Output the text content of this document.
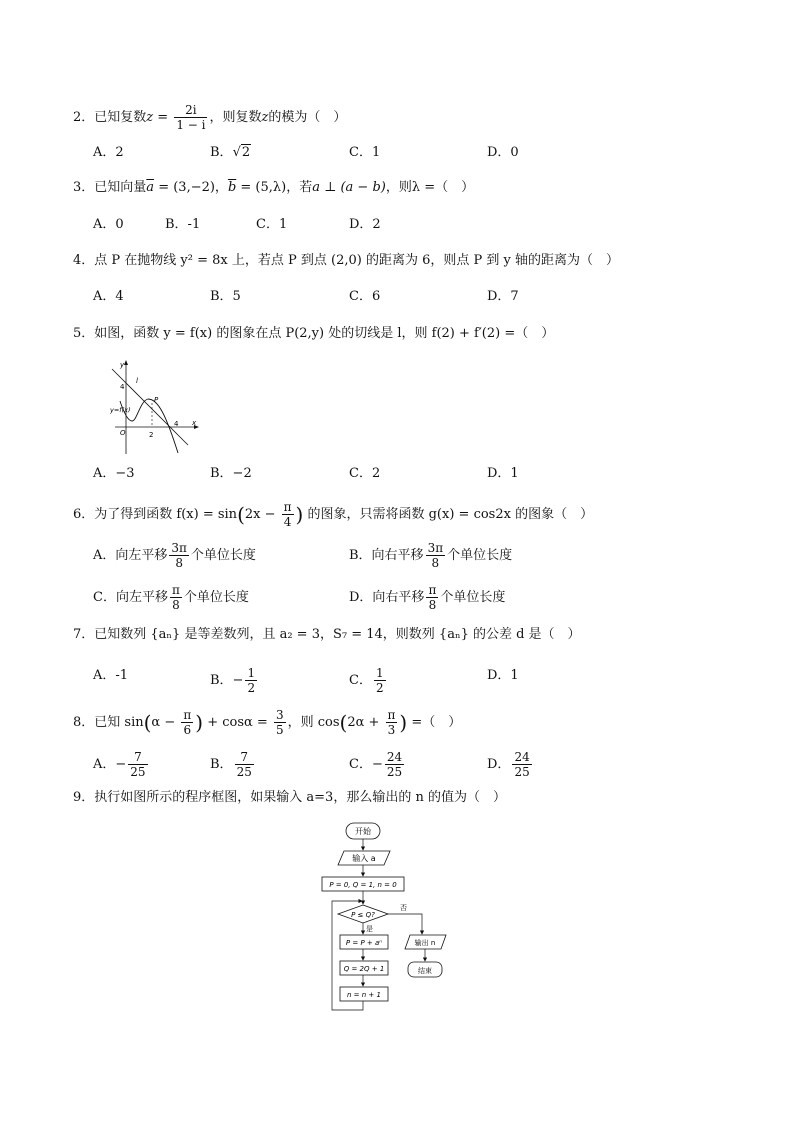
2．已知复数$z = \frac{2i}{1 - i}$ ，则复数z的模为（　）
A．2	B．√2	C．1	D．0
3．已知向量$\overline{a} = (3,-2)$，$\overline{b} = (5,\lambda)$，若a ⊥ (a − b)，则λ =（　）
A．0	B．-1	C．1	D．2
4．点 P 在抛物线 y² = 8x 上，若点 P 到点 (2,0) 的距离为 6，则点 P 到 y 轴的距离为（　）
A．4	B．5	C．6	D．7
5．如图，函数 y = f(x) 的图象在点 P(2,y) 处的切线是 l，则 f(2) + f′(2) =（　）
y
x
O
4
2
4
l
P
y=f(x)
A．−3	B．−2	C．2	D．1
6．为了得到函数 $f(x) = \sin(2x - \frac{\pi}{4}$ ) 的图象，只需将函数 g(x) = cos2x 的图象（　）
A．向左平移 $\frac{3\pi}{8}$ 个单位长度	B．向右平移 $\frac{3\pi}{8}$ 个单位长度
C．向左平移 $\frac{\pi}{8}$ 个单位长度	D．向右平移 $\frac{\pi}{8}$ 个单位长度
7．已知数列 {aₙ} 是等差数列，且 a₂ = 3，S₇ = 14，则数列 {aₙ} 的公差 d 是（　）
A．-1	B．− $\frac{1}{2}$	C． $\frac{1}{2}$	D．1
8．已知 $\sin(\alpha - \frac{\pi}{6}$ ) + $\cos\alpha = \frac{3}{5}$ ，则 $\cos(2\alpha + \frac{\pi}{3}$ ) =（　）
A．− $\frac{7}{25}$	B． $\frac{7}{25}$	C．− $\frac{24}{25}$	D． $\frac{24}{25}$
9．执行如图所示的程序框图，如果输入 a=3，那么输出的 n 的值为（　）
开始
输入 a
P = 0, Q = 1, n = 0
P ≤ Q?
否
输出 n
结束
是
P = P + aⁿ
Q = 2Q + 1
n = n + 1
